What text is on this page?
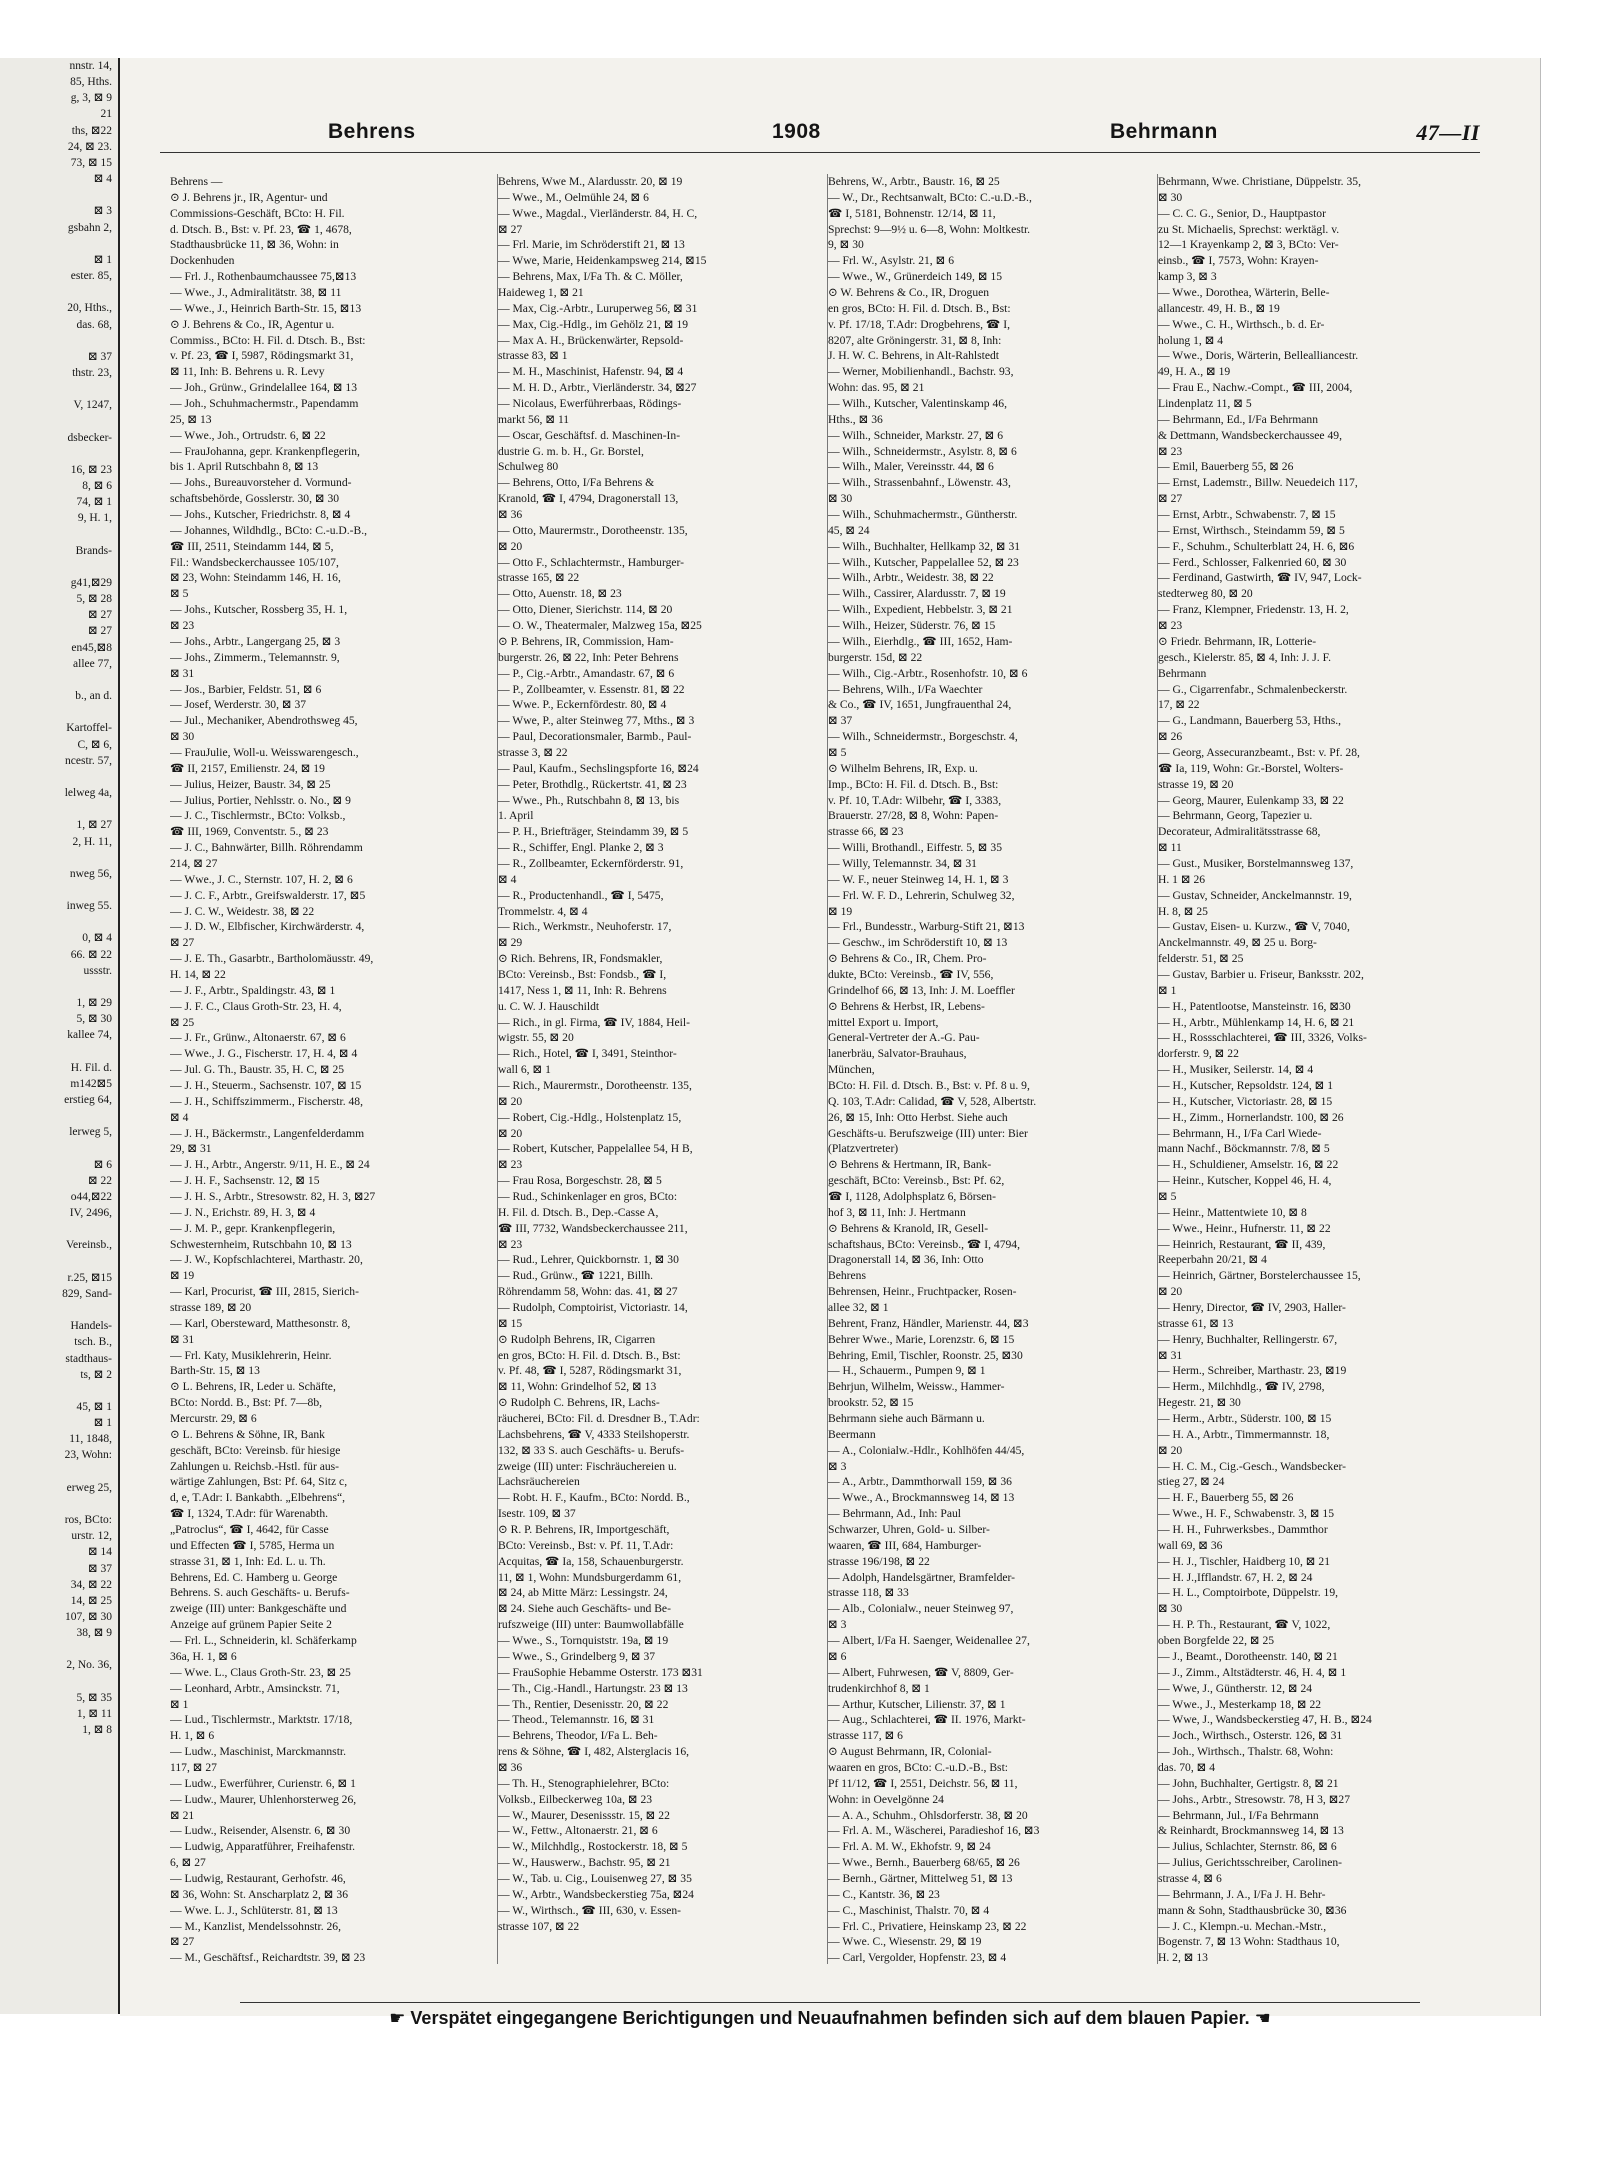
nnstr. 14,
85, Hths.
g, 3, ⊠ 9
21
ths, ⊠22
24, ⊠ 23.
73, ⊠ 15
⊠ 4

⊠ 3
gsbahn 2,

⊠ 1
ester. 85,

20, Hths.,
das. 68,

⊠ 37
thstr. 23,

V, 1247,

dsbecker-

16, ⊠ 23
8, ⊠ 6
74, ⊠ 1
9, H. 1,

Brands-

g41,⊠29
5, ⊠ 28
⊠ 27
⊠ 27
en45,⊠8
allee 77,

b., an d.

Kartoffel-
C, ⊠ 6,
ncestr. 57,

lelweg 4a,

1, ⊠ 27
2, H. 11,

nweg 56,

inweg 55.

0, ⊠ 4
66. ⊠ 22
ussstr.

1, ⊠ 29
5, ⊠ 30
kallee 74,

H. Fil. d.
m142⊠5
erstieg 64,

lerweg 5,

⊠ 6
⊠ 22
o44,⊠22
IV, 2496,

Vereinsb.,

r.25, ⊠15
829, Sand-

Handels-
tsch. B.,
stadthaus-
ts, ⊠ 2

45, ⊠ 1
⊠ 1
11, 1848,
23, Wohn:

erweg 25,

ros, BCto:
urstr. 12,
⊠ 14
⊠ 37
34, ⊠ 22
14, ⊠ 25
107, ⊠ 30
38, ⊠ 9

2, No. 36,

5, ⊠ 35
1, ⊠ 11
1, ⊠ 8

Behrens	1908	Behrmann	47—II
Behrens —
⊙ J. Behrens jr., IR, Agentur- und
Commissions-Geschäft, BCto: H. Fil.
d. Dtsch. B., Bst: v. Pf. 23, ☎ 1, 4678,
Stadthausbrücke 11, ⊠ 36, Wohn: in
Dockenhuden
— Frl. J., Rothenbaumchaussee 75,⊠13
— Wwe., J., Admiralitätstr. 38, ⊠ 11
— Wwe., J., Heinrich Barth-Str. 15, ⊠13
⊙ J. Behrens & Co., IR, Agentur u.
Commiss., BCto: H. Fil. d. Dtsch. B., Bst:
v. Pf. 23, ☎ I, 5987, Rödingsmarkt 31,
⊠ 11, Inh: B. Behrens u. R. Levy
— Joh., Grünw., Grindelallee 164, ⊠ 13
— Joh., Schuhmachermstr., Papendamm
25, ⊠ 13
— Wwe., Joh., Ortrudstr. 6, ⊠ 22
— FrauJohanna, gepr. Krankenpflegerin,
bis 1. April Rutschbahn 8, ⊠ 13
— Johs., Bureauvorsteher d. Vormund-
schaftsbehörde, Gosslerstr. 30, ⊠ 30
— Johs., Kutscher, Friedrichstr. 8, ⊠ 4
— Johannes, Wildhdlg., BCto: C.-u.D.-B.,
☎ III, 2511, Steindamm 144, ⊠ 5,
Fil.: Wandsbeckerchaussee 105/107,
⊠ 23, Wohn: Steindamm 146, H. 16,
⊠ 5
— Johs., Kutscher, Rossberg 35, H. 1,
⊠ 23
— Johs., Arbtr., Langergang 25, ⊠ 3
— Johs., Zimmerm., Telemannstr. 9,
⊠ 31
— Jos., Barbier, Feldstr. 51, ⊠ 6
— Josef, Werderstr. 30, ⊠ 37
— Jul., Mechaniker, Abendrothsweg 45,
⊠ 30
— FrauJulie, Woll-u. Weisswarengesch.,
☎ II, 2157, Emilienstr. 24, ⊠ 19
— Julius, Heizer, Baustr. 34, ⊠ 25
— Julius, Portier, Nehlsstr. o. No., ⊠ 9
— J. C., Tischlermstr., BCto: Volksb.,
☎ III, 1969, Conventstr. 5., ⊠ 23
— J. C., Bahnwärter, Billh. Röhrendamm
214, ⊠ 27
— Wwe., J. C., Sternstr. 107, H. 2, ⊠ 6
— J. C. F., Arbtr., Greifswalderstr. 17, ⊠5
— J. C. W., Weidestr. 38, ⊠ 22
— J. D. W., Elbfischer, Kirchwärderstr. 4,
⊠ 27
— J. E. Th., Gasarbtr., Bartholomäusstr. 49,
H. 14, ⊠ 22
— J. F., Arbtr., Spaldingstr. 43, ⊠ 1
— J. F. C., Claus Groth-Str. 23, H. 4,
⊠ 25
— J. Fr., Grünw., Altonaerstr. 67, ⊠ 6
— Wwe., J. G., Fischerstr. 17, H. 4, ⊠ 4
— Jul. G. Th., Baustr. 35, H. C, ⊠ 25
— J. H., Steuerm., Sachsenstr. 107, ⊠ 15
— J. H., Schiffszimmerm., Fischerstr. 48,
⊠ 4
— J. H., Bäckermstr., Langenfelderdamm
29, ⊠ 31
— J. H., Arbtr., Angerstr. 9/11, H. E., ⊠ 24
— J. H. F., Sachsenstr. 12, ⊠ 15
— J. H. S., Arbtr., Stresowstr. 82, H. 3, ⊠27
— J. N., Erichstr. 89, H. 3, ⊠ 4
— J. M. P., gepr. Krankenpflegerin,
Schwesternheim, Rutschbahn 10, ⊠ 13
— J. W., Kopfschlachterei, Marthastr. 20,
⊠ 19
— Karl, Procurist, ☎ III, 2815, Sierich-
strasse 189, ⊠ 20
— Karl, Obersteward, Matthesonstr. 8,
⊠ 31
— Frl. Katy, Musiklehrerin, Heinr.
Barth-Str. 15, ⊠ 13
⊙ L. Behrens, IR, Leder u. Schäfte,
BCto: Nordd. B., Bst: Pf. 7—8b,
Mercurstr. 29, ⊠ 6
⊙ L. Behrens & Söhne, IR, Bank
geschäft, BCto: Vereinsb. für hiesige
Zahlungen u. Reichsb.-Hstl. für aus-
wärtige Zahlungen, Bst: Pf. 64, Sitz c,
d, e, T.Adr: I. Bankabth. „Elbehrens“,
☎ I, 1324, T.Adr: für Warenabth.
„Patroclus“, ☎ I, 4642, für Casse
und Effecten ☎ I, 5785, Herma un
strasse 31, ⊠ 1, Inh: Ed. L. u. Th.
Behrens, Ed. C. Hamberg u. George
Behrens. S. auch Geschäfts- u. Berufs-
zweige (III) unter: Bankgeschäfte und
Anzeige auf grünem Papier Seite 2
— Frl. L., Schneiderin, kl. Schäferkamp
36a, H. 1, ⊠ 6
— Wwe. L., Claus Groth-Str. 23, ⊠ 25
— Leonhard, Arbtr., Amsinckstr. 71,
⊠ 1
— Lud., Tischlermstr., Marktstr. 17/18,
H. 1, ⊠ 6
— Ludw., Maschinist, Marckmannstr.
117, ⊠ 27
— Ludw., Ewerführer, Curienstr. 6, ⊠ 1
— Ludw., Maurer, Uhlenhorsterweg 26,
⊠ 21
— Ludw., Reisender, Alsenstr. 6, ⊠ 30
— Ludwig, Apparatführer, Freihafenstr.
6, ⊠ 27
— Ludwig, Restaurant, Gerhofstr. 46,
⊠ 36, Wohn: St. Anscharplatz 2, ⊠ 36
— Wwe. L. J., Schlüterstr. 81, ⊠ 13
— M., Kanzlist, Mendelssohnstr. 26,
⊠ 27
— M., Geschäftsf., Reichardtstr. 39, ⊠ 23
Behrens, Wwe M., Alardusstr. 20, ⊠ 19
— Wwe., M., Oelmühle 24, ⊠ 6
— Wwe., Magdal., Vierländerstr. 84, H. C,
⊠ 27
— Frl. Marie, im Schröderstift 21, ⊠ 13
— Wwe, Marie, Heidenkampsweg 214, ⊠15
— Behrens, Max, I/Fa Th. & C. Möller,
Haideweg 1, ⊠ 21
— Max, Cig.-Arbtr., Luruperweg 56, ⊠ 31
— Max, Cig.-Hdlg., im Gehölz 21, ⊠ 19
— Max A. H., Brückenwärter, Repsold-
strasse 83, ⊠ 1
— M. H., Maschinist, Hafenstr. 94, ⊠ 4
— M. H. D., Arbtr., Vierländerstr. 34, ⊠27
— Nicolaus, Ewerführerbaas, Rödings-
markt 56, ⊠ 11
— Oscar, Geschäftsf. d. Maschinen-In-
dustrie G. m. b. H., Gr. Borstel,
Schulweg 80
— Behrens, Otto, I/Fa Behrens &
Kranold, ☎ I, 4794, Dragonerstall 13,
⊠ 36
— Otto, Maurermstr., Dorotheenstr. 135,
⊠ 20
— Otto F., Schlachtermstr., Hamburger-
strasse 165, ⊠ 22
— Otto, Auenstr. 18, ⊠ 23
— Otto, Diener, Sierichstr. 114, ⊠ 20
— O. W., Theatermaler, Malzweg 15a, ⊠25
⊙ P. Behrens, IR, Commission, Ham-
burgerstr. 26, ⊠ 22, Inh: Peter Behrens
— P., Cig.-Arbtr., Amandastr. 67, ⊠ 6
— P., Zollbeamter, v. Essenstr. 81, ⊠ 22
— Wwe. P., Eckernfördestr. 80, ⊠ 4
— Wwe, P., alter Steinweg 77, Mths., ⊠ 3
— Paul, Decorationsmaler, Barmb., Paul-
strasse 3, ⊠ 22
— Paul, Kaufm., Sechslingspforte 16, ⊠24
— Peter, Brothdlg., Rückertstr. 41, ⊠ 23
— Wwe., Ph., Rutschbahn 8, ⊠ 13, bis
1. April
— P. H., Briefträger, Steindamm 39, ⊠ 5
— R., Schiffer, Engl. Planke 2, ⊠ 3
— R., Zollbeamter, Eckernförderstr. 91,
⊠ 4
— R., Productenhandl., ☎ I, 5475,
Trommelstr. 4, ⊠ 4
— Rich., Werkmstr., Neuhoferstr. 17,
⊠ 29
⊙ Rich. Behrens, IR, Fondsmakler,
BCto: Vereinsb., Bst: Fondsb., ☎ I,
1417, Ness 1, ⊠ 11, Inh: R. Behrens
u. C. W. J. Hauschildt
— Rich., in gl. Firma, ☎ IV, 1884, Heil-
wigstr. 55, ⊠ 20
— Rich., Hotel, ☎ I, 3491, Steinthor-
wall 6, ⊠ 1
— Rich., Maurermstr., Dorotheenstr. 135,
⊠ 20
— Robert, Cig.-Hdlg., Holstenplatz 15,
⊠ 20
— Robert, Kutscher, Pappelallee 54, H B,
⊠ 23
— Frau Rosa, Borgeschstr. 28, ⊠ 5
— Rud., Schinkenlager en gros, BCto:
H. Fil. d. Dtsch. B., Dep.-Casse A,
☎ III, 7732, Wandsbeckerchaussee 211,
⊠ 23
— Rud., Lehrer, Quickbornstr. 1, ⊠ 30
— Rud., Grünw., ☎ 1221, Billh.
Röhrendamm 58, Wohn: das. 41, ⊠ 27
— Rudolph, Comptoirist, Victoriastr. 14,
⊠ 15
⊙ Rudolph Behrens, IR, Cigarren
en gros, BCto: H. Fil. d. Dtsch. B., Bst:
v. Pf. 48, ☎ I, 5287, Rödingsmarkt 31,
⊠ 11, Wohn: Grindelhof 52, ⊠ 13
⊙ Rudolph C. Behrens, IR, Lachs-
räucherei, BCto: Fil. d. Dresdner B., T.Adr:
Lachsbehrens, ☎ V, 4333 Steilshoperstr.
132, ⊠ 33 S. auch Geschäfts- u. Berufs-
zweige (III) unter: Fischräuchereien u.
Lachsräuchereien
— Robt. H. F., Kaufm., BCto: Nordd. B.,
Isestr. 109, ⊠ 37
⊙ R. P. Behrens, IR, Importgeschäft,
BCto: Vereinsb., Bst: v. Pf. 11, T.Adr:
Acquitas, ☎ Ia, 158, Schauenburgerstr.
11, ⊠ 1, Wohn: Mundsburgerdamm 61,
⊠ 24, ab Mitte März: Lessingstr. 24,
⊠ 24. Siehe auch Geschäfts- und Be-
rufszweige (III) unter: Baumwollabfälle
— Wwe., S., Tornquiststr. 19a, ⊠ 19
— Wwe., S., Grindelberg 9, ⊠ 37
— FrauSophie Hebamme Osterstr. 173 ⊠31
— Th., Cig.-Handl., Hartungstr. 23 ⊠ 13
— Th., Rentier, Desenisstr. 20, ⊠ 22
— Theod., Telemannstr. 16, ⊠ 31
— Behrens, Theodor, I/Fa L. Beh-
rens & Söhne, ☎ I, 482, Alsterglacis 16,
⊠ 36
— Th. H., Stenographielehrer, BCto:
Volksb., Eilbeckerweg 10a, ⊠ 23
— W., Maurer, Desenissstr. 15, ⊠ 22
— W., Fettw., Altonaerstr. 21, ⊠ 6
— W., Milchhdlg., Rostockerstr. 18, ⊠ 5
— W., Hauswerw., Bachstr. 95, ⊠ 21
— W., Tab. u. Cig., Louisenweg 27, ⊠ 35
— W., Arbtr., Wandsbeckerstieg 75a, ⊠24
— W., Wirthsch., ☎ III, 630, v. Essen-
strasse 107, ⊠ 22
Behrens, W., Arbtr., Baustr. 16, ⊠ 25
— W., Dr., Rechtsanwalt, BCto: C.-u.D.-B.,
☎ I, 5181, Bohnenstr. 12/14, ⊠ 11,
Sprechst: 9—9½ u. 6—8, Wohn: Moltkestr.
9, ⊠ 30
— Frl. W., Asylstr. 21, ⊠ 6
— Wwe., W., Grünerdeich 149, ⊠ 15
⊙ W. Behrens & Co., IR, Droguen
en gros, BCto: H. Fil. d. Dtsch. B., Bst:
v. Pf. 17/18, T.Adr: Drogbehrens, ☎ I,
8207, alte Gröningerstr. 31, ⊠ 8, Inh:
J. H. W. C. Behrens, in Alt-Rahlstedt
— Werner, Mobilienhandl., Bachstr. 93,
Wohn: das. 95, ⊠ 21
— Wilh., Kutscher, Valentinskamp 46,
Hths., ⊠ 36
— Wilh., Schneider, Markstr. 27, ⊠ 6
— Wilh., Schneidermstr., Asylstr. 8, ⊠ 6
— Wilh., Maler, Vereinsstr. 44, ⊠ 6
— Wilh., Strassenbahnf., Löwenstr. 43,
⊠ 30
— Wilh., Schuhmachermstr., Güntherstr.
45, ⊠ 24
— Wilh., Buchhalter, Hellkamp 32, ⊠ 31
— Wilh., Kutscher, Pappelallee 52, ⊠ 23
— Wilh., Arbtr., Weidestr. 38, ⊠ 22
— Wilh., Cassirer, Alardusstr. 7, ⊠ 19
— Wilh., Expedient, Hebbelstr. 3, ⊠ 21
— Wilh., Heizer, Süderstr. 76, ⊠ 15
— Wilh., Eierhdlg., ☎ III, 1652, Ham-
burgerstr. 15d, ⊠ 22
— Wilh., Cig.-Arbtr., Rosenhofstr. 10, ⊠ 6
— Behrens, Wilh., I/Fa Waechter
& Co., ☎ IV, 1651, Jungfrauenthal 24,
⊠ 37
— Wilh., Schneidermstr., Borgeschstr. 4,
⊠ 5
⊙ Wilhelm Behrens, IR, Exp. u.
Imp., BCto: H. Fil. d. Dtsch. B., Bst:
v. Pf. 10, T.Adr: Wilbehr, ☎ I, 3383,
Brauerstr. 27/28, ⊠ 8, Wohn: Papen-
strasse 66, ⊠ 23
— Willi, Brothandl., Eiffestr. 5, ⊠ 35
— Willy, Telemannstr. 34, ⊠ 31
— W. F., neuer Steinweg 14, H. 1, ⊠ 3
— Frl. W. F. D., Lehrerin, Schulweg 32,
⊠ 19
— Frl., Bundesstr., Warburg-Stift 21, ⊠13
— Geschw., im Schröderstift 10, ⊠ 13
⊙ Behrens & Co., IR, Chem. Pro-
dukte, BCto: Vereinsb., ☎ IV, 556,
Grindelhof 66, ⊠ 13, Inh: J. M. Loeffler
⊙ Behrens & Herbst, IR, Lebens-
mittel Export u. Import,
General-Vertreter der A.-G. Pau-
lanerbräu, Salvator-Brauhaus,
München,
BCto: H. Fil. d. Dtsch. B., Bst: v. Pf. 8 u. 9,
Q. 103, T.Adr: Calidad, ☎ V, 528, Albertstr.
26, ⊠ 15, Inh: Otto Herbst. Siehe auch
Geschäfts-u. Berufszweige (III) unter: Bier
(Platzvertreter)
⊙ Behrens & Hertmann, IR, Bank-
geschäft, BCto: Vereinsb., Bst: Pf. 62,
☎ I, 1128, Adolphsplatz 6, Börsen-
hof 3, ⊠ 11, Inh: J. Hertmann
⊙ Behrens & Kranold, IR, Gesell-
schaftshaus, BCto: Vereinsb., ☎ I, 4794,
Dragonerstall 14, ⊠ 36, Inh: Otto
Behrens
Behrensen, Heinr., Fruchtpacker, Rosen-
allee 32, ⊠ 1
Behrent, Franz, Händler, Marienstr. 44, ⊠3
Behrer Wwe., Marie, Lorenzstr. 6, ⊠ 15
Behring, Emil, Tischler, Roonstr. 25, ⊠30
— H., Schauerm., Pumpen 9, ⊠ 1
Behrjun, Wilhelm, Weissw., Hammer-
brookstr. 52, ⊠ 15
Behrmann siehe auch Bärmann u.
Beermann
— A., Colonialw.-Hdlr., Kohlhöfen 44/45,
⊠ 3
— A., Arbtr., Dammthorwall 159, ⊠ 36
— Wwe., A., Brockmannsweg 14, ⊠ 13
— Behrmann, Ad., Inh: Paul
Schwarzer, Uhren, Gold- u. Silber-
waaren, ☎ III, 684, Hamburger-
strasse 196/198, ⊠ 22
— Adolph, Handelsgärtner, Bramfelder-
strasse 118, ⊠ 33
— Alb., Colonialw., neuer Steinweg 97,
⊠ 3
— Albert, I/Fa H. Saenger, Weidenallee 27,
⊠ 6
— Albert, Fuhrwesen, ☎ V, 8809, Ger-
trudenkirchhof 8, ⊠ 1
— Arthur, Kutscher, Lilienstr. 37, ⊠ 1
— Aug., Schlachterei, ☎ II. 1976, Markt-
strasse 117, ⊠ 6
⊙ August Behrmann, IR, Colonial-
waaren en gros, BCto: C.-u.D.-B., Bst:
Pf 11/12, ☎ I, 2551, Deichstr. 56, ⊠ 11,
Wohn: in Oevelgönne 24
— A. A., Schuhm., Ohlsdorferstr. 38, ⊠ 20
— Frl. A. M., Wäscherei, Paradieshof 16, ⊠3
— Frl. A. M. W., Ekhofstr. 9, ⊠ 24
— Wwe., Bernh., Bauerberg 68/65, ⊠ 26
— Bernh., Gärtner, Mittelweg 51, ⊠ 13
— C., Kantstr. 36, ⊠ 23
— C., Maschinist, Thalstr. 70, ⊠ 4
— Frl. C., Privatiere, Heinskamp 23, ⊠ 22
— Wwe. C., Wiesenstr. 29, ⊠ 19
— Carl, Vergolder, Hopfenstr. 23, ⊠ 4
Behrmann, Wwe. Christiane, Düppelstr. 35,
⊠ 30
— C. C. G., Senior, D., Hauptpastor
zu St. Michaelis, Sprechst: werktägl. v.
12—1 Krayenkamp 2, ⊠ 3, BCto: Ver-
einsb., ☎ I, 7573, Wohn: Krayen-
kamp 3, ⊠ 3
— Wwe., Dorothea, Wärterin, Belle-
allancestr. 49, H. B., ⊠ 19
— Wwe., C. H., Wirthsch., b. d. Er-
holung 1, ⊠ 4
— Wwe., Doris, Wärterin, Bellealliancestr.
49, H. A., ⊠ 19
— Frau E., Nachw.-Compt., ☎ III, 2004,
Lindenplatz 11, ⊠ 5
— Behrmann, Ed., I/Fa Behrmann
& Dettmann, Wandsbeckerchaussee 49,
⊠ 23
— Emil, Bauerberg 55, ⊠ 26
— Ernst, Lademstr., Billw. Neuedeich 117,
⊠ 27
— Ernst, Arbtr., Schwabenstr. 7, ⊠ 15
— Ernst, Wirthsch., Steindamm 59, ⊠ 5
— F., Schuhm., Schulterblatt 24, H. 6, ⊠6
— Ferd., Schlosser, Falkenried 60, ⊠ 30
— Ferdinand, Gastwirth, ☎ IV, 947, Lock-
stedterweg 80, ⊠ 20
— Franz, Klempner, Friedenstr. 13, H. 2,
⊠ 23
⊙ Friedr. Behrmann, IR, Lotterie-
gesch., Kielerstr. 85, ⊠ 4, Inh: J. J. F.
Behrmann
— G., Cigarrenfabr., Schmalenbeckerstr.
17, ⊠ 22
— G., Landmann, Bauerberg 53, Hths.,
⊠ 26
— Georg, Assecuranzbeamt., Bst: v. Pf. 28,
☎ Ia, 119, Wohn: Gr.-Borstel, Wolters-
strasse 19, ⊠ 20
— Georg, Maurer, Eulenkamp 33, ⊠ 22
— Behrmann, Georg, Tapezier u.
Decorateur, Admiralitätsstrasse 68,
⊠ 11
— Gust., Musiker, Borstelmannsweg 137,
H. 1 ⊠ 26
— Gustav, Schneider, Anckelmannstr. 19,
H. 8, ⊠ 25
— Gustav, Eisen- u. Kurzw., ☎ V, 7040,
Anckelmannstr. 49, ⊠ 25 u. Borg-
felderstr. 51, ⊠ 25
— Gustav, Barbier u. Friseur, Banksstr. 202,
⊠ 1
— H., Patentlootse, Mansteinstr. 16, ⊠30
— H., Arbtr., Mühlenkamp 14, H. 6, ⊠ 21
— H., Rossschlachterei, ☎ III, 3326, Volks-
dorferstr. 9, ⊠ 22
— H., Musiker, Seilerstr. 14, ⊠ 4
— H., Kutscher, Repsoldstr. 124, ⊠ 1
— H., Kutscher, Victoriastr. 28, ⊠ 15
— H., Zimm., Hornerlandstr. 100, ⊠ 26
— Behrmann, H., I/Fa Carl Wiede-
mann Nachf., Böckmannstr. 7/8, ⊠ 5
— H., Schuldiener, Amselstr. 16, ⊠ 22
— Heinr., Kutscher, Koppel 46, H. 4,
⊠ 5
— Heinr., Mattentwiete 10, ⊠ 8
— Wwe., Heinr., Hufnerstr. 11, ⊠ 22
— Heinrich, Restaurant, ☎ II, 439,
Reeperbahn 20/21, ⊠ 4
— Heinrich, Gärtner, Borstelerchaussee 15,
⊠ 20
— Henry, Director, ☎ IV, 2903, Haller-
strasse 61, ⊠ 13
— Henry, Buchhalter, Rellingerstr. 67,
⊠ 31
— Herm., Schreiber, Marthastr. 23, ⊠19
— Herm., Milchhdlg., ☎ IV, 2798,
Hegestr. 21, ⊠ 30
— Herm., Arbtr., Süderstr. 100, ⊠ 15
— H. A., Arbtr., Timmermannstr. 18,
⊠ 20
— H. C. M., Cig.-Gesch., Wandsbecker-
stieg 27, ⊠ 24
— H. F., Bauerberg 55, ⊠ 26
— Wwe., H. F., Schwabenstr. 3, ⊠ 15
— H. H., Fuhrwerksbes., Dammthor
wall 69, ⊠ 36
— H. J., Tischler, Haidberg 10, ⊠ 21
— H. J.,Ifflandstr. 67, H. 2, ⊠ 24
— H. L., Comptoirbote, Düppelstr. 19,
⊠ 30
— H. P. Th., Restaurant, ☎ V, 1022,
oben Borgfelde 22, ⊠ 25
— J., Beamt., Dorotheenstr. 140, ⊠ 21
— J., Zimm., Altstädterstr. 46, H. 4, ⊠ 1
— Wwe, J., Güntherstr. 12, ⊠ 24
— Wwe., J., Mesterkamp 18, ⊠ 22
— Wwe, J., Wandsbeckerstieg 47, H. B., ⊠24
— Joch., Wirthsch., Osterstr. 126, ⊠ 31
— Joh., Wirthsch., Thalstr. 68, Wohn:
das. 70, ⊠ 4
— John, Buchhalter, Gertigstr. 8, ⊠ 21
— Johs., Arbtr., Stresowstr. 78, H 3, ⊠27
— Behrmann, Jul., I/Fa Behrmann
& Reinhardt, Brockmannsweg 14, ⊠ 13
— Julius, Schlachter, Sternstr. 86, ⊠ 6
— Julius, Gerichtsschreiber, Carolinen-
strasse 4, ⊠ 6
— Behrmann, J. A., I/Fa J. H. Behr-
mann & Sohn, Stadthausbrücke 30, ⊠36
— J. C., Klempn.-u. Mechan.-Mstr.,
Bogenstr. 7, ⊠ 13 Wohn: Stadthaus 10,
H. 2, ⊠ 13
☛ Verspätet eingegangene Berichtigungen und Neuaufnahmen befinden sich auf dem blauen Papier. ☚
